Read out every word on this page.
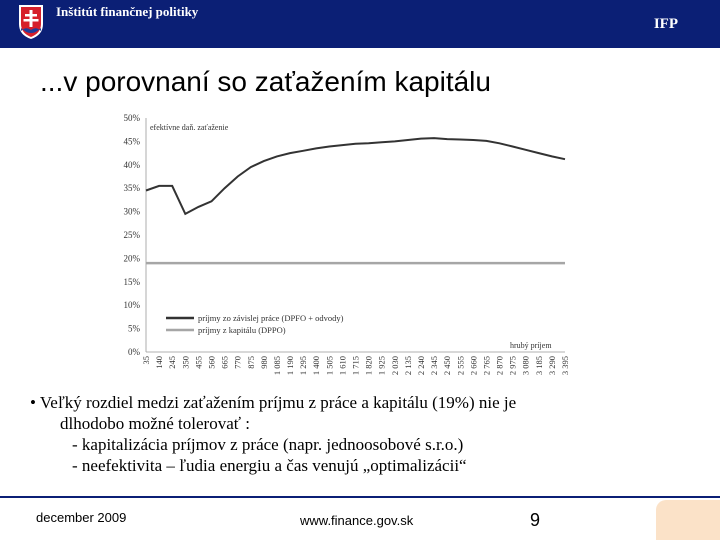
Inštitút finančnej politiky
IFP
...v porovnaní so zaťažením kapitálu
0%
5%
10%
15%
20%
25%
30%
35%
40%
45%
50%
35 140 245 350 455 560 665 770 875 980 1 085 1 190 1 295 1 400 1 505 1 610 1 715 1 820 1 925 2 030 2 135 2 240 2 345 2 450 2 555 2 660 2 765 2 870 2 975 3 080 3 185 3 290 3 395
príjmy zo závislej práce (DPFO + odvody)
príjmy z kapitálu (DPPO)
efektívne daň. zaťaženie
hrubý príjem
• Veľký rozdiel medzi zaťažením príjmu z práce a kapitálu (19%) nie je
dlhodobo možné tolerovať :
- kapitalizácia príjmov z práce (napr. jednoosobové s.r.o.)
- neefektivita – ľudia energiu a čas venujú „optimalizácii“
december 2009	www.finance.gov.sk	9
